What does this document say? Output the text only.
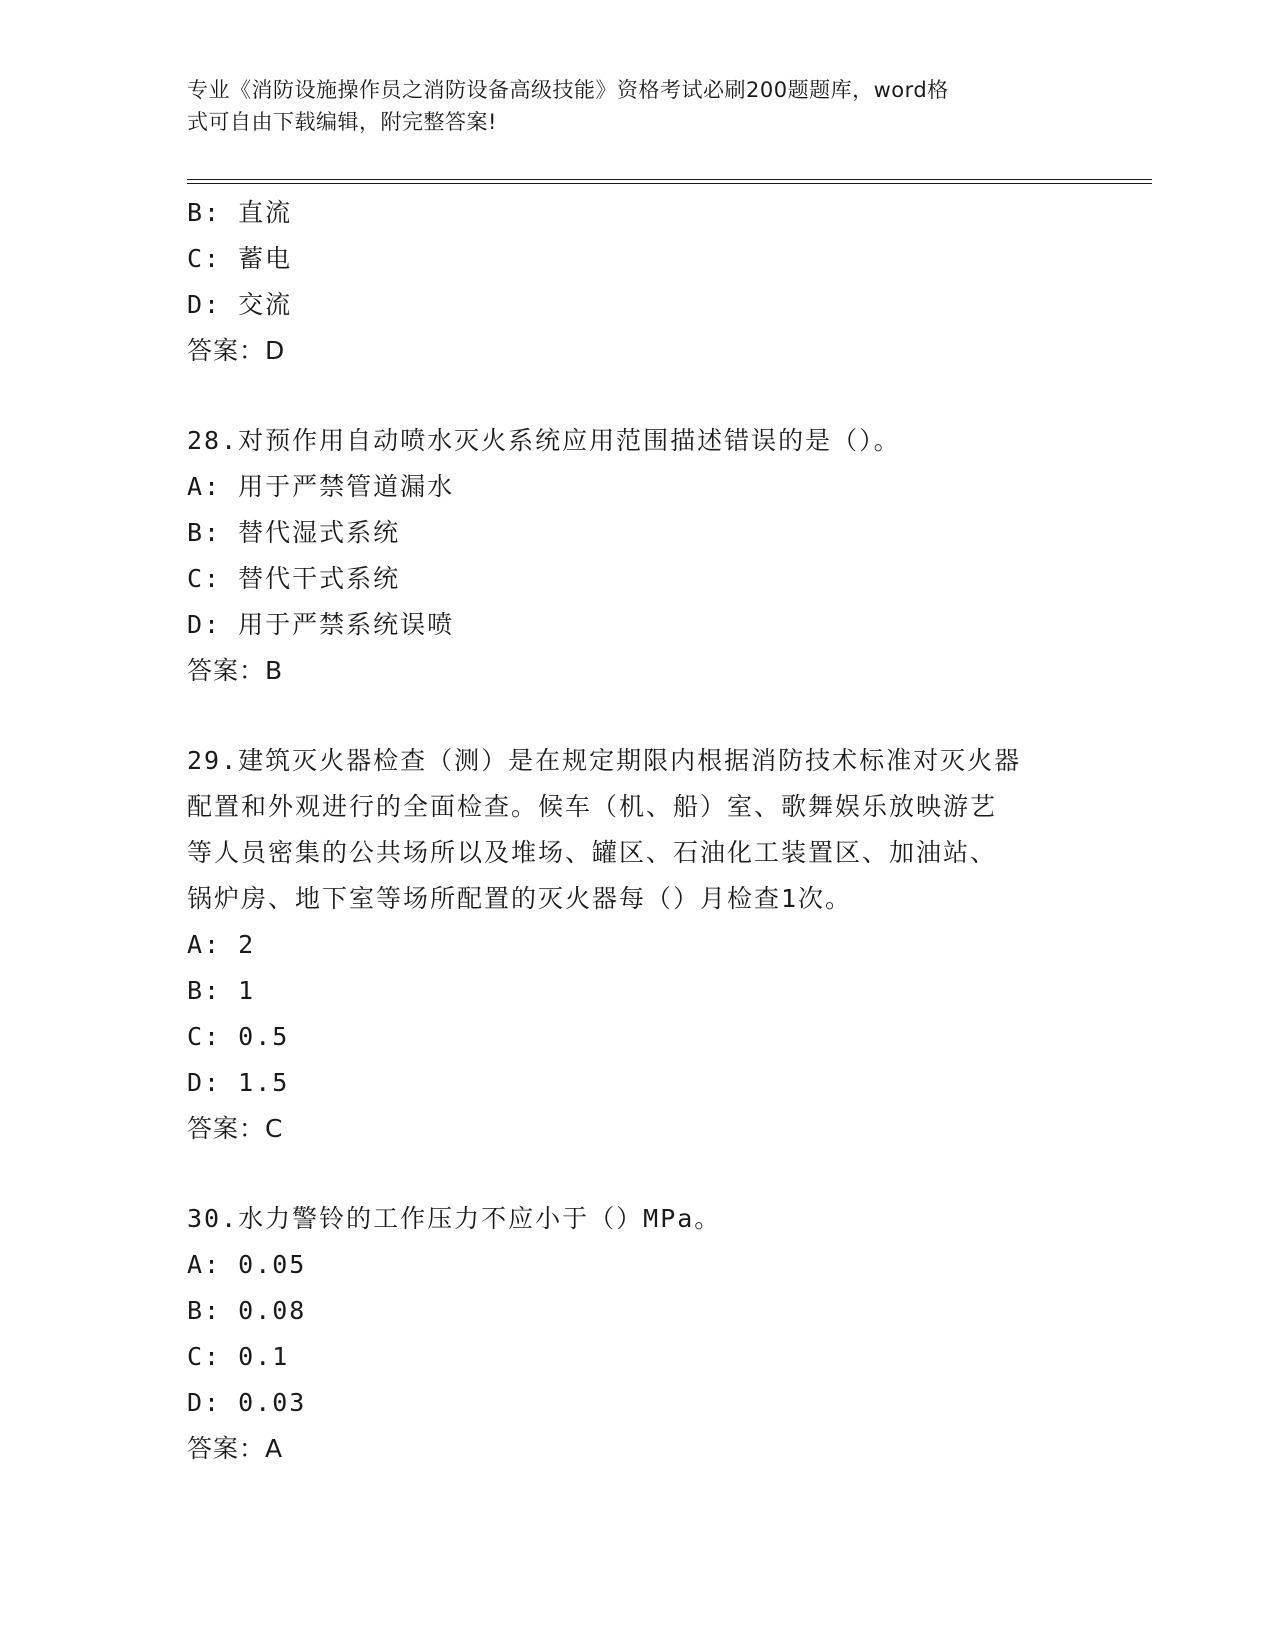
专业《消防设施操作员之消防设备高级技能》资格考试必刷200题题库，word格
式可自由下载编辑，附完整答案!
B: 直流
C: 蓄电
D: 交流
答案：D
28.对预作用自动喷水灭火系统应用范围描述错误的是（）。
A: 用于严禁管道漏水
B: 替代湿式系统
C: 替代干式系统
D: 用于严禁系统误喷
答案：B
29.建筑灭火器检查（测）是在规定期限内根据消防技术标准对灭火器
配置和外观进行的全面检查。候车（机、船）室、歌舞娱乐放映游艺
等人员密集的公共场所以及堆场、罐区、石油化工装置区、加油站、
锅炉房、地下室等场所配置的灭火器每（）月检查1次。
A: 2
B: 1
C: 0.5
D: 1.5
答案：C
30.水力警铃的工作压力不应小于（）MPa。
A: 0.05
B: 0.08
C: 0.1
D: 0.03
答案：A
